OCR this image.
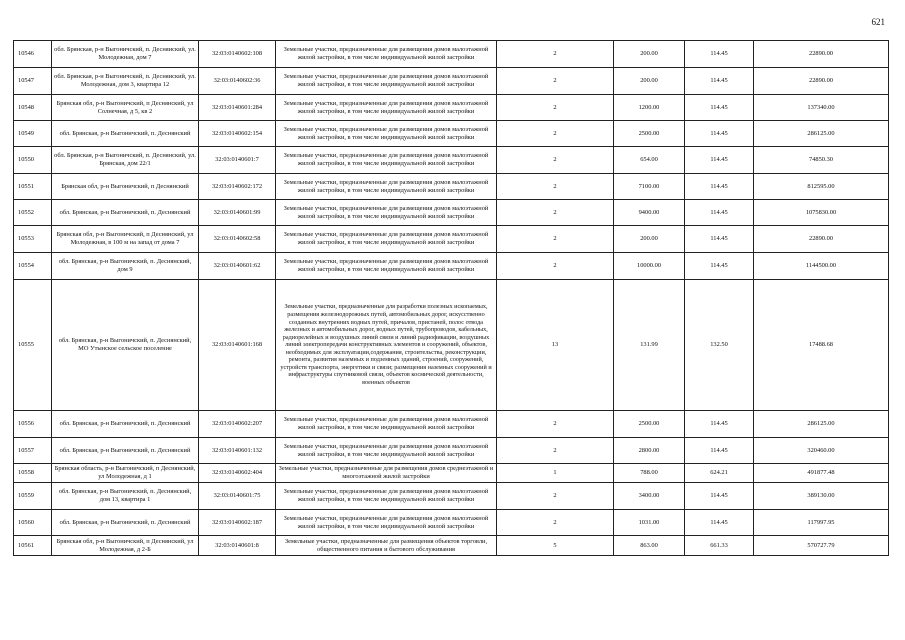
621
10546	обл. Брянская, р-н Выгоничский, п. Десняиский, ул. Молодежная, дом 7	32:03:0140602:108	Земельные участки, предназначенные для размещения домов малоэтажной жилой застройки, в том числе индивидуальной жилой застройки	2	200.00	114.45	22890.00
10547	обл. Брянская, р-н Выгоничский, п. Десняиский, ул. Молодежная, дом 3, квартира 12	32:03:0140602:36	Земельные участки, предназначенные для размещения домов малоэтажной жилой застройки, в том числе индивидуальной жилой застройки	2	200.00	114.45	22890.00
10548	Брянская обл, р-н Выгоничский, п Деснянский, ул Солнечная, д 5, кв 2	32:03:0140601:284	Земельные участки, предназначенные для размещения домов малоэтажной жилой застройки, в том числе индивидуальной жилой застройки	2	1200.00	114.45	137340.00
10549	обл. Брянская, р-н Выгоничский, п. Деснянский	32:03:0140602:154	Земельные участки, предназначенные для размещения домов малоэтажной жилой застройки, в том числе индивидуальной жилой застройки	2	2500.00	114.45	286125.00
10550	обл. Брянская, р-н Выгоничский, п. Деснянский, ул. Брянская, дом 22/1	32:03:0140601:7	Земельные участки, предназначенные для размещения домов малоэтажной жилой застройки, в том числе индивидуальной жилой застройки	2	654.00	114.45	74850.30
10551	Брянская обл, р-н Выгоничский, п Деснянский	32:03:0140602:172	Земельные участки, предназначенные для размещения домов малоэтажной жилой застройки, в том числе индивидуальной жилой застройки	2	7100.00	114.45	812595.00
10552	обл. Брянская, р-н Выгоничский, п. Деснянский	32:03:0140601:99	Земельные участки, предназначенные для размещения домов малоэтажной жилой застройки, в том числе индивидуальной жилой застройки	2	9400.00	114.45	1075830.00
10553	Брянская обл, р-н Выгоничский, п Деснянский, ул Молодежная, в 100 м на запад от дома 7	32:03:0140602:58	Земельные участки, предназначенные для размещения домов малоэтажной жилой застройки, в том числе индивидуальной жилой застройки	2	200.00	114.45	22890.00
10554	обл. Брянская, р-н Выгоничский, п. Деснянский, дом 9	32:03:0140601:62	Земельные участки, предназначенные для размещения домов малоэтажной жилой застройки, в том числе индивидуальной жилой застройки	2	10000.00	114.45	1144500.00
10555	обл. Брянская, р-н Выгоничский, п. Деснянский, МО Утынское сельское поселение	32:03:0140601:168	Земельные участки, предназначенные для разработки полезных ископаемых, размещения железнодорожных путей, автомобильных дорог, искусственно созданных внутренних водных путей, причалов, пристаней, полос отвода железных и автомобильных дорог, водных путей, трубопроводов, кабельных, радиорелейных и воздушных линий связи и линий радиофикации, воздушных линий электропередачи конструктивных элементов и сооружений, объектов, необходимых для эксплуатации,содержания, строительства, реконструкции, ремонта, развития наземных и подземных зданий, строений, сооружений, устройств транспорта, энергетики и связи; размещения наземных сооружений и инфраструктуры спутниковой связи, объектов космической деятельности, военных объектов	13	131.99	132.50	17488.68
10556	обл. Брянская, р-н Выгоничский, п. Деснянский	32:03:0140602:207	Земельные участки, предназначенные для размещения домов малоэтажной жилой застройки, в том числе индивидуальной жилой застройки	2	2500.00	114.45	286125.00
10557	обл. Брянская, р-н Выгоничский, п. Деснянский	32:03:0140601:132	Земельные участки, предназначенные для размещения домов малоэтажной жилой застройки, в том числе индивидуальной жилой застройки	2	2800.00	114.45	320460.00
10558	Брянская область, р-н Выгоничский, п Деснянский, ул Молодежная, д 1	32:03:0140602:404	Земельные участки, предназначенные для размещения домов среднеэтажной и многоэтажной жилой застройки	1	788.00	624.21	491877.48
10559	обл. Брянская, р-н Выгоничский, п. Деснянский, дом 13, квартира 1	32:03:0140601:75	Земельные участки, предназначенные для размещения домов малоэтажной жилой застройки, в том числе индивидуальной жилой застройки	2	3400.00	114.45	389130.00
10560	обл. Брянская, р-н Выгоничский, п. Деснянский	32:03:0140602:187	Земельные участки, предназначенные для размещения домов малоэтажной жилой застройки, в том числе индивидуальной жилой застройки	2	1031.00	114.45	117997.95
10561	Брянская обл, р-н Выгоничский, п Деснянский, ул Молодежная, д 2-Б	32:03:0140601:8	Земельные участки, предназначенные для размещения объектов торговли, общественного питания и бытового обслуживания	5	863.00	661.33	570727.79
